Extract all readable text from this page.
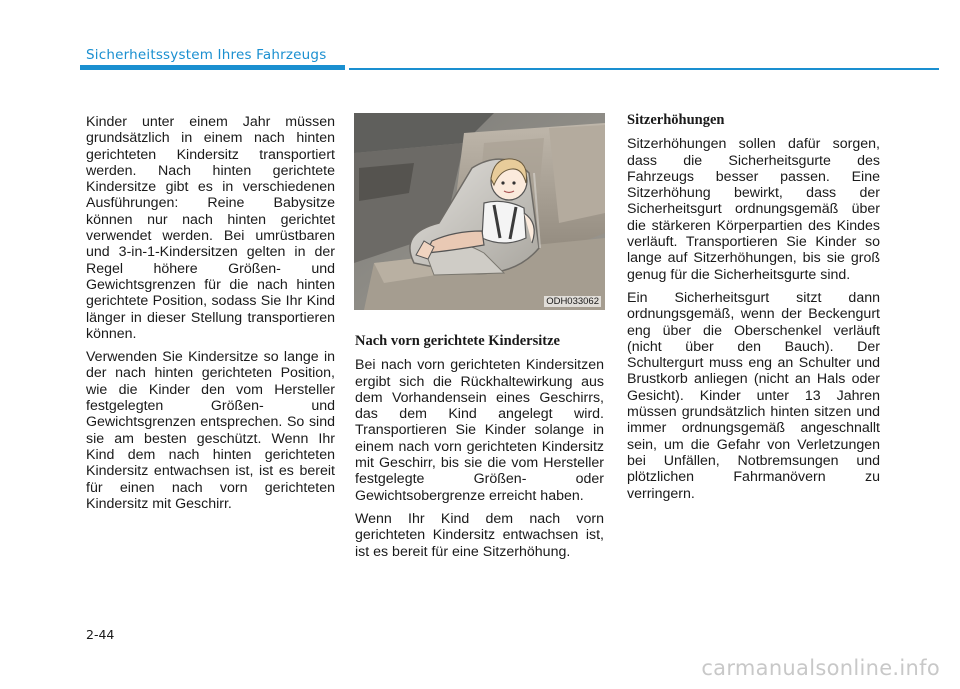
Sicherheitssystem Ihres Fahrzeugs

Kinder unter einem Jahr müssen grundsätzlich in einem nach hinten gerichteten Kindersitz transportiert werden. Nach hinten gerichtete Kindersitze gibt es in verschiedenen Ausführungen: Reine Babysitze können nur nach hinten gerichtet verwendet werden. Bei umrüstbaren und 3-in-1-Kindersitzen gelten in der Regel höhere Größen- und Gewichtsgrenzen für die nach hinten gerichtete Position, sodass Sie Ihr Kind länger in dieser Stellung transportieren können.

Verwenden Sie Kindersitze so lange in der nach hinten gerichteten Position, wie die Kinder den vom Hersteller festgelegten Größen- und Gewichtsgrenzen entsprechen. So sind sie am besten geschützt. Wenn Ihr Kind dem nach hinten gerichteten Kindersitz entwachsen ist, ist es bereit für einen nach vorn gerichteten Kindersitz mit Geschirr.

ODH033062
Nach vorn gerichtete Kindersitze

Bei nach vorn gerichteten Kindersitzen ergibt sich die Rückhaltewirkung aus dem Vorhandensein eines Geschirrs, das dem Kind angelegt wird. Transportieren Sie Kinder solange in einem nach vorn gerichteten Kindersitz mit Geschirr, bis sie die vom Hersteller festgelegte Größen- oder Gewichtsobergrenze erreicht haben.

Wenn Ihr Kind dem nach vorn gerichteten Kindersitz entwachsen ist, ist es bereit für eine Sitzerhöhung.

Sitzerhöhungen

Sitzerhöhungen sollen dafür sorgen, dass die Sicherheitsgurte des Fahrzeugs besser passen. Eine Sitzerhöhung bewirkt, dass der Sicherheitsgurt ordnungsgemäß über die stärkeren Körperpartien des Kindes verläuft. Transportieren Sie Kinder so lange auf Sitzerhöhungen, bis sie groß genug für die Sicherheitsgurte sind.

Ein Sicherheitsgurt sitzt dann ordnungsgemäß, wenn der Beckengurt eng über die Oberschenkel verläuft (nicht über den Bauch). Der Schultergurt muss eng an Schulter und Brustkorb anliegen (nicht an Hals oder Gesicht). Kinder unter 13 Jahren müssen grundsätzlich hinten sitzen und immer ordnungsgemäß angeschnallt sein, um die Gefahr von Verletzungen bei Unfällen, Notbremsungen und plötzlichen Fahrmanövern zu verringern.

2-44
carmanualsonline.info
